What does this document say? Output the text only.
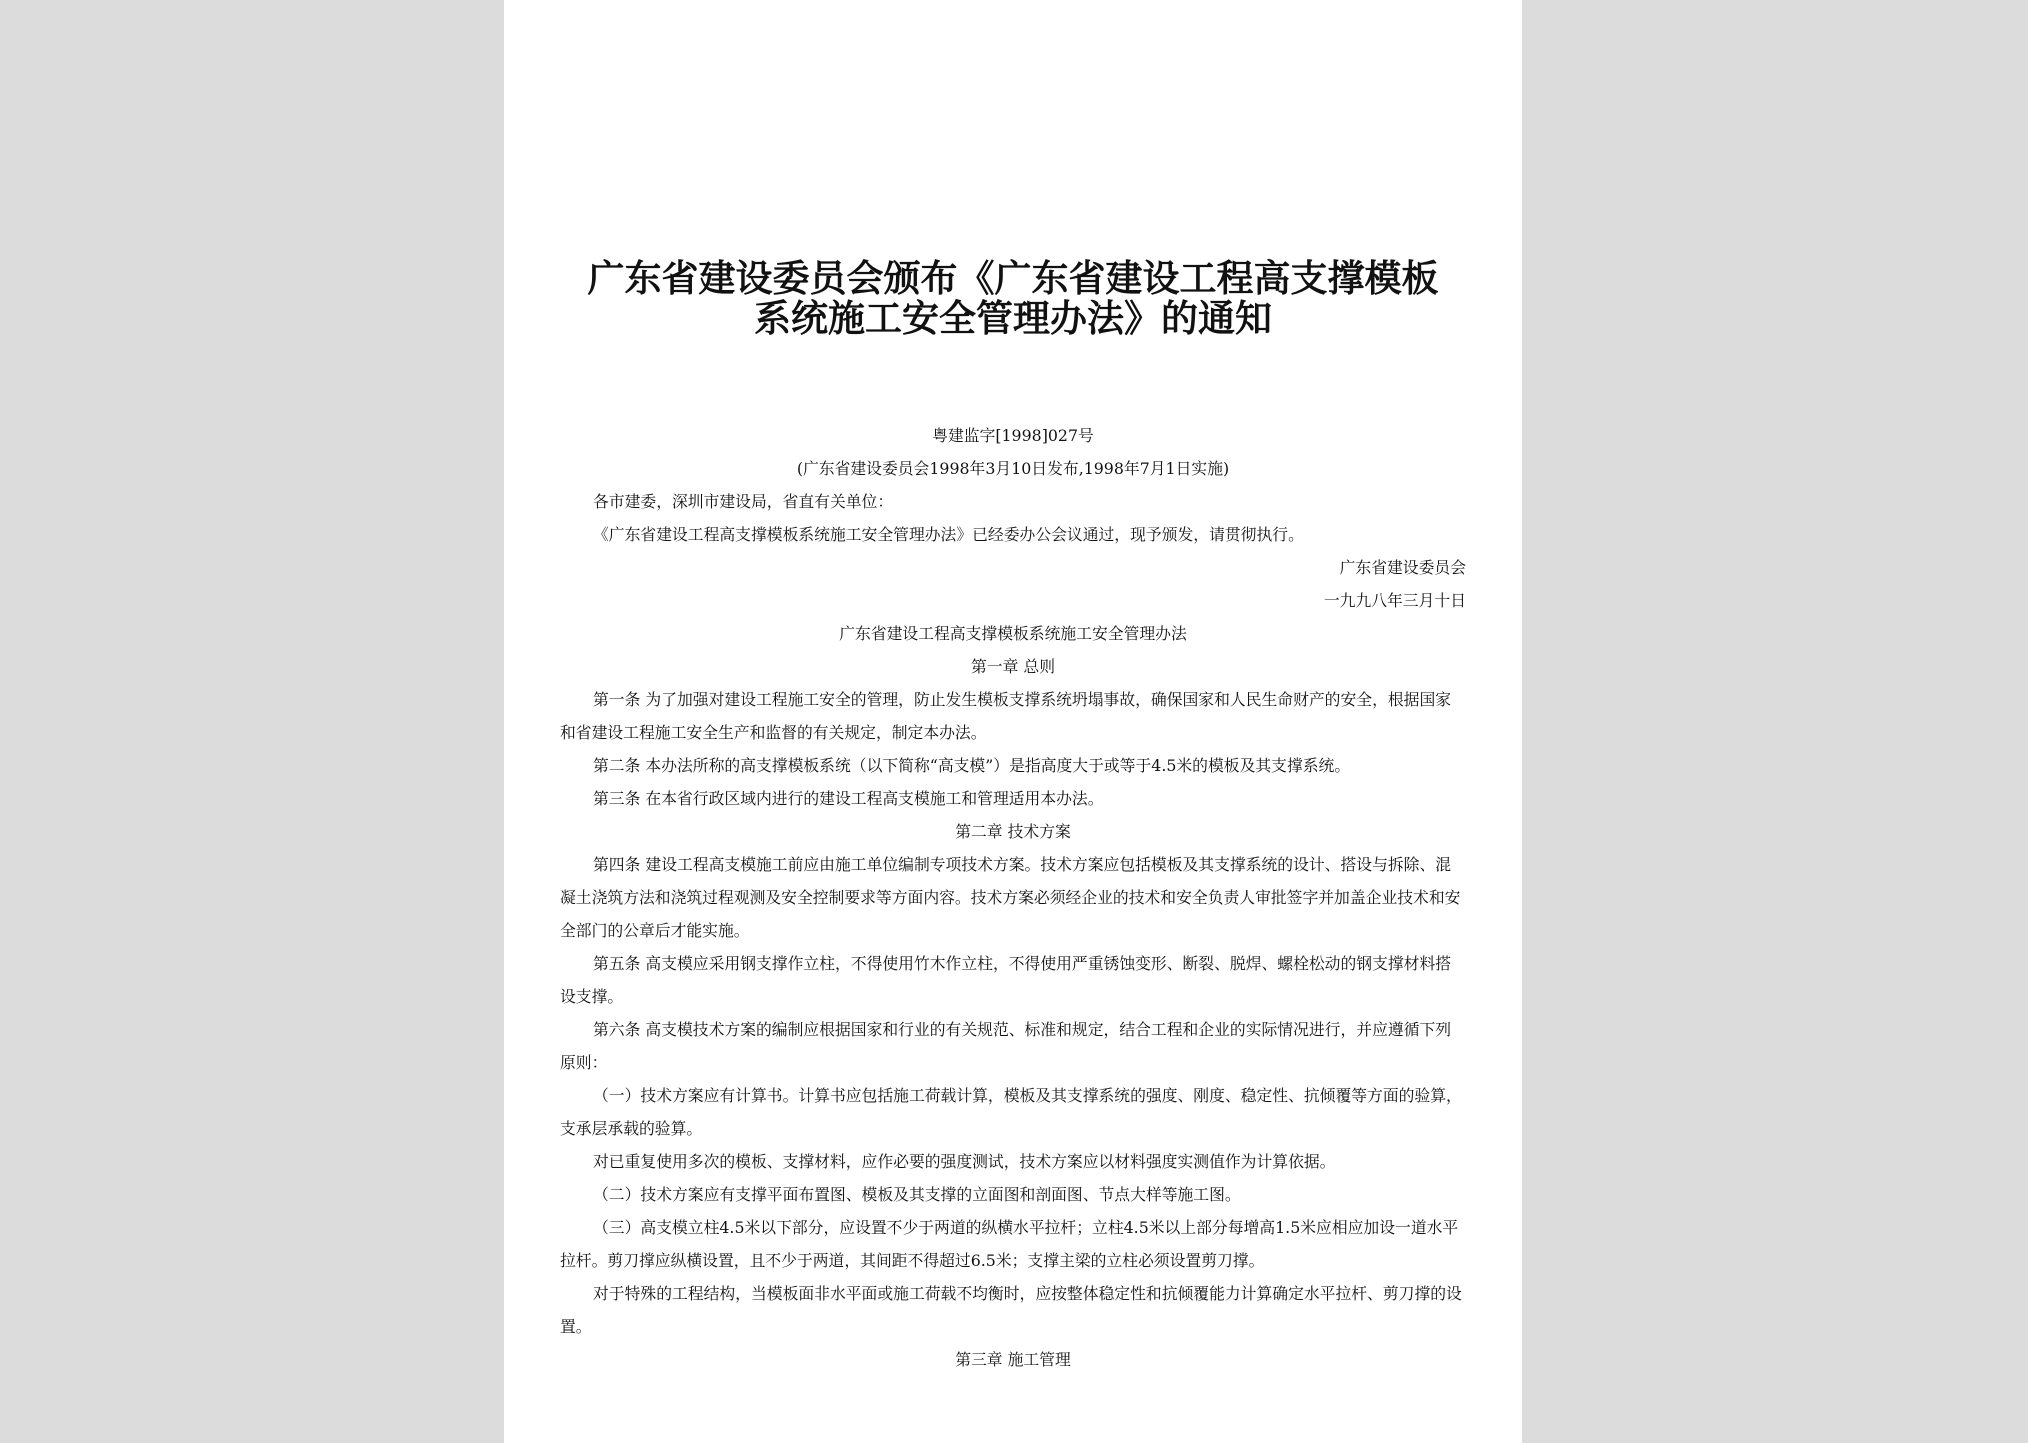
广东省建设委员会颁布《广东省建设工程高支撑模板
系统施工安全管理办法》的通知
粤建监字[1998]027号
(广东省建设委员会1998年3月10日发布,1998年7月1日实施)
各市建委，深圳市建设局，省直有关单位：
《广东省建设工程高支撑模板系统施工安全管理办法》已经委办公会议通过，现予颁发，请贯彻执行。
广东省建设委员会
一九九八年三月十日
广东省建设工程高支撑模板系统施工安全管理办法
第一章 总则
第一条 为了加强对建设工程施工安全的管理，防止发生模板支撑系统坍塌事故，确保国家和人民生命财产的安全，根据国家和省建设工程施工安全生产和监督的有关规定，制定本办法。
第二条 本办法所称的高支撑模板系统（以下简称“高支模”）是指高度大于或等于4.5米的模板及其支撑系统。
第三条 在本省行政区域内进行的建设工程高支模施工和管理适用本办法。
第二章 技术方案
第四条 建设工程高支模施工前应由施工单位编制专项技术方案。技术方案应包括模板及其支撑系统的设计、搭设与拆除、混凝土浇筑方法和浇筑过程观测及安全控制要求等方面内容。技术方案必须经企业的技术和安全负责人审批签字并加盖企业技术和安全部门的公章后才能实施。
第五条 高支模应采用钢支撑作立柱，不得使用竹木作立柱，不得使用严重锈蚀变形、断裂、脱焊、螺栓松动的钢支撑材料搭设支撑。
第六条 高支模技术方案的编制应根据国家和行业的有关规范、标准和规定，结合工程和企业的实际情况进行，并应遵循下列原则：
（一）技术方案应有计算书。计算书应包括施工荷载计算，模板及其支撑系统的强度、刚度、稳定性、抗倾覆等方面的验算，支承层承载的验算。
对已重复使用多次的模板、支撑材料，应作必要的强度测试，技术方案应以材料强度实测值作为计算依据。
（二）技术方案应有支撑平面布置图、模板及其支撑的立面图和剖面图、节点大样等施工图。
（三）高支模立柱4.5米以下部分，应设置不少于两道的纵横水平拉杆；立柱4.5米以上部分每增高1.5米应相应加设一道水平拉杆。剪刀撑应纵横设置，且不少于两道，其间距不得超过6.5米；支撑主梁的立柱必须设置剪刀撑。
对于特殊的工程结构，当模板面非水平面或施工荷载不均衡时，应按整体稳定性和抗倾覆能力计算确定水平拉杆、剪刀撑的设置。
第三章 施工管理
